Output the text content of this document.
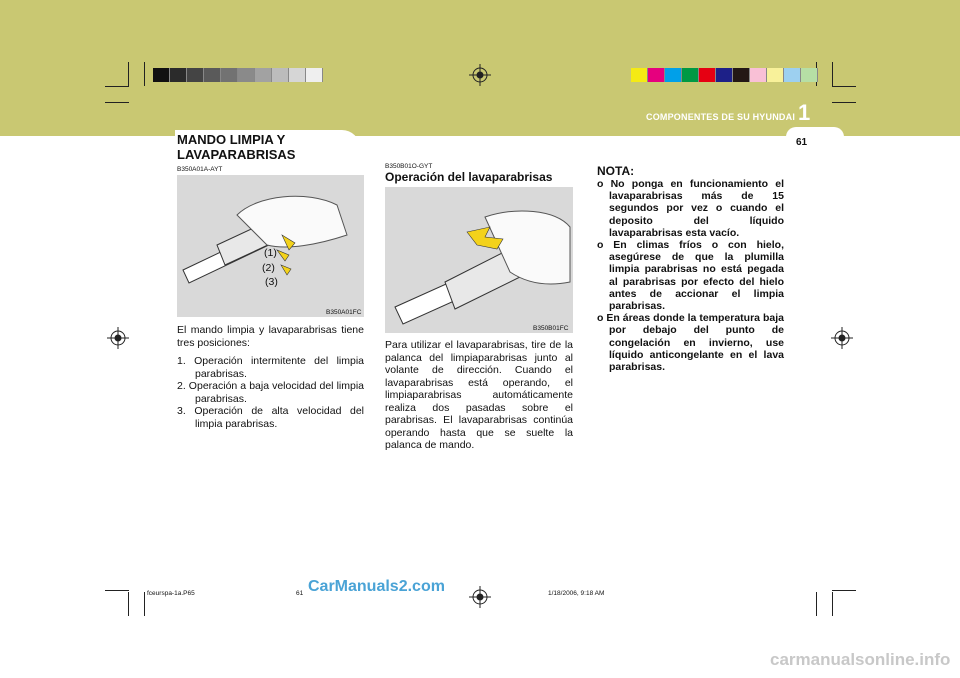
COMPONENTES DE SU HYUNDAI 1
61
MANDO LIMPIA Y
LAVAPARABRISAS
B350A01A-AYT
(1)
(2)
(3)
B350A01FC
El mando limpia y lavaparabrisas tiene tres posiciones:
1. Operación intermitente del limpia parabrisas.
2. Operación a baja velocidad del limpia parabrisas.
3. Operación de alta velocidad del limpia parabrisas.
B350B01O-GYT
Operación del lavaparabrisas
B350B01FC
Para utilizar el lavaparabrisas, tire de la palanca del limpiaparabrisas junto al volante de dirección. Cuando el lavaparabrisas está operando, el limpiaparabrisas automáticamente realiza dos pasadas sobre el parabrisas. El lavaparabrisas continúa operando hasta que se suelte la palanca de mando.
NOTA:
o No ponga en funcionamiento el lavaparabrisas más de 15 segundos por vez o cuando el deposito del líquido lavaparabrisas esta vacío.
o En climas fríos o con hielo, asegúrese de que la plumilla limpia parabrisas no está pegada al parabrisas por efecto del hielo antes de accionar el limpia parabrisas.
o En áreas donde la temperatura baja por debajo del punto de congelación en invierno, use líquido anticongelante en el lava parabrisas.
fceurspa-1a.P65	61	1/18/2006, 9:18 AM
CarManuals2.com
carmanualsonline.info
